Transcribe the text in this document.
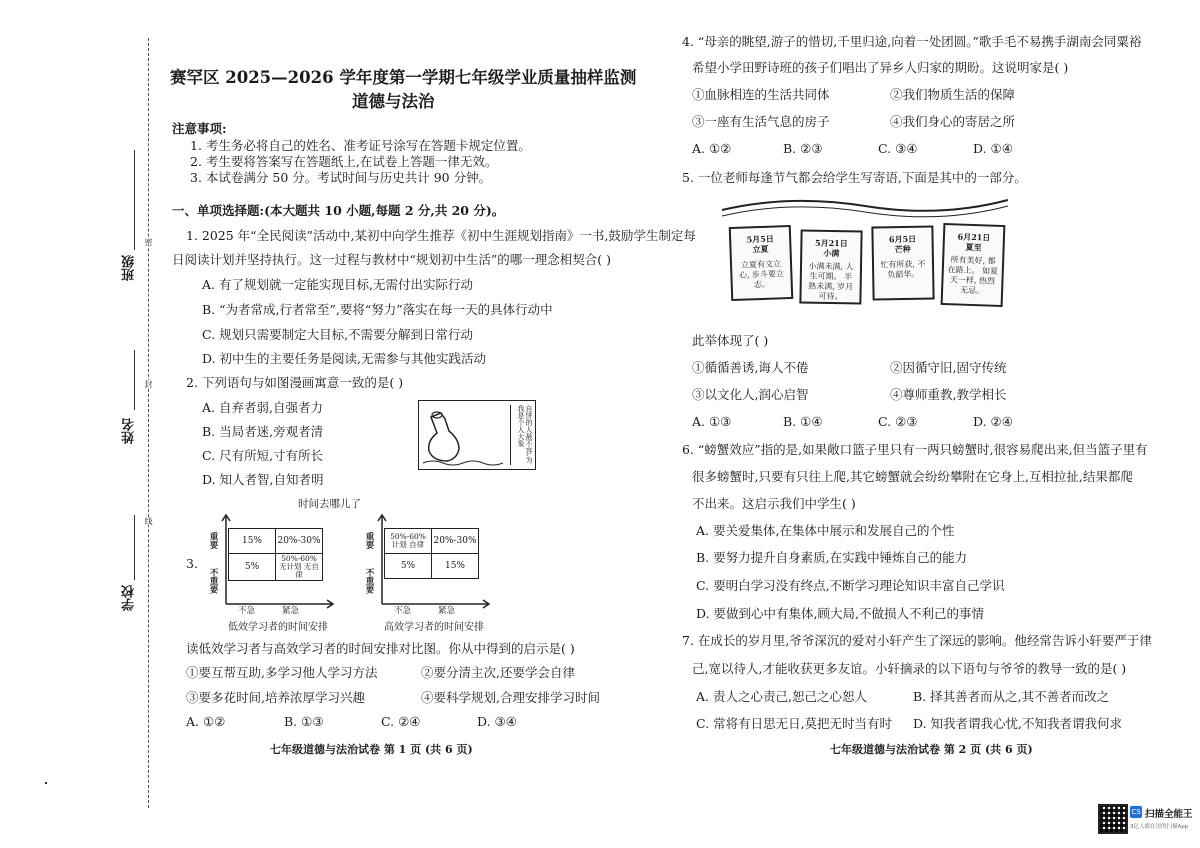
班级
姓名
学校
密
封
线
赛罕区 2025—2026 学年度第一学期七年级学业质量抽样监测
道德与法治
注意事项:
1. 考生务必将自己的姓名、准考证号涂写在答题卡规定位置。
2. 考生要将答案写在答题纸上,在试卷上答题一律无效。
3. 本试卷满分 50 分。考试时间与历史共计 90 分钟。
一、单项选择题:(本大题共 10 小题,每题 2 分,共 20 分)。
1. 2025 年“全民阅读”活动中,某初中向学生推荐《初中生涯规划指南》一书,鼓励学生制定每
日阅读计划并坚持执行。这一过程与教材中“规划初中生活”的哪一理念相契合( )
A. 有了规划就一定能实现目标,无需付出实际行动
B. “为者常成,行者常至”,要将“努力”落实在每一天的具体行动中
C. 规划只需要制定大目标,不需要分解到日常行动
D. 初中生的主要任务是阅读,无需参与其他实践活动
2. 下列语句与如图漫画寓意一致的是( )
A. 自弃者弱,自强者力
B. 当局者迷,旁观者清
C. 尺有所短,寸有所长
D. 知人者智,自知者明
自饼的人最不容,为我是个人大象
时间去哪儿了
3.
重要
不重要
15%	20%-30%
5%	50%-60% 无计划 无自律
不急	紧急
低效学习者的时间安排
重要
不重要
50%-60% 计划 自律	20%-30%
5%	15%
不急	紧急
高效学习者的时间安排
读低效学习者与高效学习者的时间安排对比图。你从中得到的启示是( )
①要互帮互助,多学习他人学习方法	②要分清主次,还要学会自律
③要多花时间,培养浓厚学习兴趣	④要科学规划,合理安排学习时间
A. ①②	B. ①③	C. ②④	D. ③④
七年级道德与法治试卷 第 1 页 (共 6 页)
4. “母亲的眺望,游子的惜切,千里归途,向着一处团圆。”歌手毛不易携手湖南会同粟裕
希望小学田野诗班的孩子们唱出了异乡人归家的期盼。这说明家是( )
①血脉相连的生活共同体	②我们物质生活的保障
③一座有生活气息的房子	④我们身心的寄居之所
A. ①②	B. ②③	C. ③④	D. ①④
5. 一位老师每逢节气都会给学生写寄语,下面是其中的一部分。
5月5日
立夏
立夏有文立心, 步斗要立志。
5月21日
小满
小满未满, 人生可期。 半熟未满, 岁月可待。
6月5日
芒种
忙有所获, 不负韶华。
6月21日
夏至
所有美好, 都在路上。 如夏天一样, 热烈无忌。
此举体现了( )
①循循善诱,诲人不倦	②因循守旧,固守传统
③以文化人,润心启智	④尊师重教,教学相长
A. ①③	B. ①④	C. ②③	D. ②④
6. “螃蟹效应”指的是,如果敞口篮子里只有一两只螃蟹时,很容易爬出来,但当篮子里有
很多螃蟹时,只要有只往上爬,其它螃蟹就会纷纷攀附在它身上,互相拉扯,结果都爬
不出来。这启示我们中学生( )
A. 要关爱集体,在集体中展示和发展自己的个性
B. 要努力提升自身素质,在实践中锤炼自己的能力
C. 要明白学习没有终点,不断学习理论知识丰富自己学识
D. 要做到心中有集体,顾大局,不做损人不利己的事情
7. 在成长的岁月里,爷爷深沉的爱对小轩产生了深远的影响。他经常告诉小轩要严于律
己,宽以待人,才能收获更多友谊。小轩摘录的以下语句与爷爷的教导一致的是( )
A. 责人之心责己,恕己之心恕人	B. 择其善者而从之,其不善者而改之
C. 常将有日思无日,莫把无时当有时 D. 知我者谓我心忧,不知我者谓我何求
七年级道德与法治试卷 第 2 页 (共 6 页)
CS 扫描全能王
3亿人都在用的扫描App
